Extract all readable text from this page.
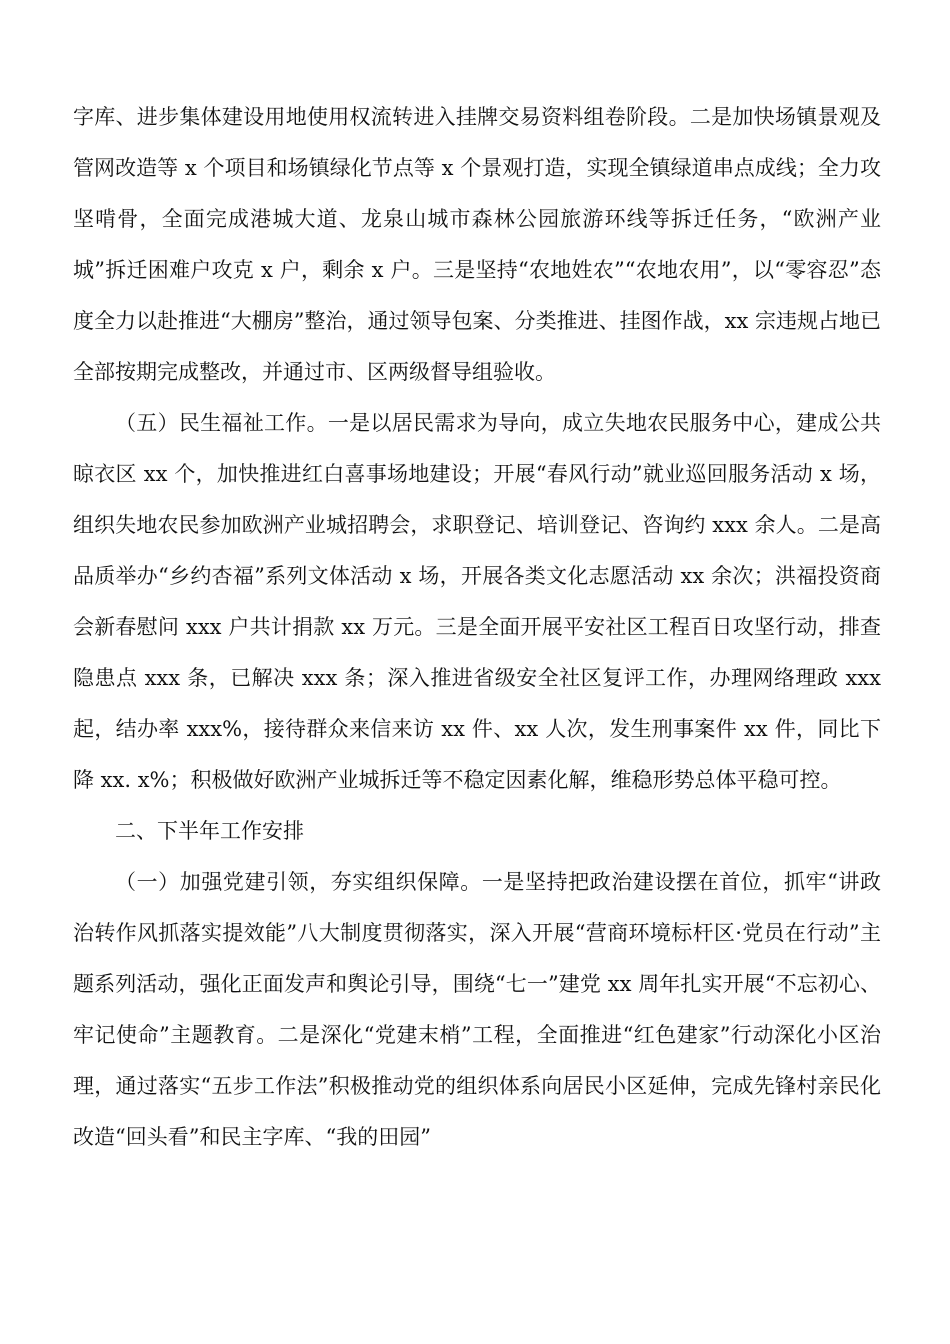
字库、进步集体建设用地使用权流转进入挂牌交易资料组卷阶段。二是加快场镇景观及管网改造等 x 个项目和场镇绿化节点等 x 个景观打造，实现全镇绿道串点成线；全力攻坚啃骨，全面完成港城大道、龙泉山城市森林公园旅游环线等拆迁任务，“欧洲产业城”拆迁困难户攻克 x 户，剩余 x 户。三是坚持“农地姓农”“农地农用”，以“零容忍”态度全力以赴推进“大棚房”整治，通过领导包案、分类推进、挂图作战，xx 宗违规占地已全部按期完成整改，并通过市、区两级督导组验收。

（五）民生福祉工作。一是以居民需求为导向，成立失地农民服务中心，建成公共晾衣区 xx 个，加快推进红白喜事场地建设；开展“春风行动”就业巡回服务活动 x 场，组织失地农民参加欧洲产业城招聘会，求职登记、培训登记、咨询约 xxx 余人。二是高品质举办“乡约杏福”系列文体活动 x 场，开展各类文化志愿活动 xx 余次；洪福投资商会新春慰问 xxx 户共计捐款 xx 万元。三是全面开展平安社区工程百日攻坚行动，排查隐患点 xxx 条，已解决 xxx 条；深入推进省级安全社区复评工作，办理网络理政 xxx 起，结办率 xxx%，接待群众来信来访 xx 件、xx 人次，发生刑事案件 xx 件，同比下降 xx. x%；积极做好欧洲产业城拆迁等不稳定因素化解，维稳形势总体平稳可控。

二、下半年工作安排

（一）加强党建引领，夯实组织保障。一是坚持把政治建设摆在首位，抓牢“讲政治转作风抓落实提效能”八大制度贯彻落实，深入开展“营商环境标杆区·党员在行动”主题系列活动，强化正面发声和舆论引导，围绕“七一”建党 xx 周年扎实开展“不忘初心、牢记使命”主题教育。二是深化“党建末梢”工程，全面推进“红色建家”行动深化小区治理，通过落实“五步工作法”积极推动党的组织体系向居民小区延伸，完成先锋村亲民化改造“回头看”和民主字库、“我的田园”
